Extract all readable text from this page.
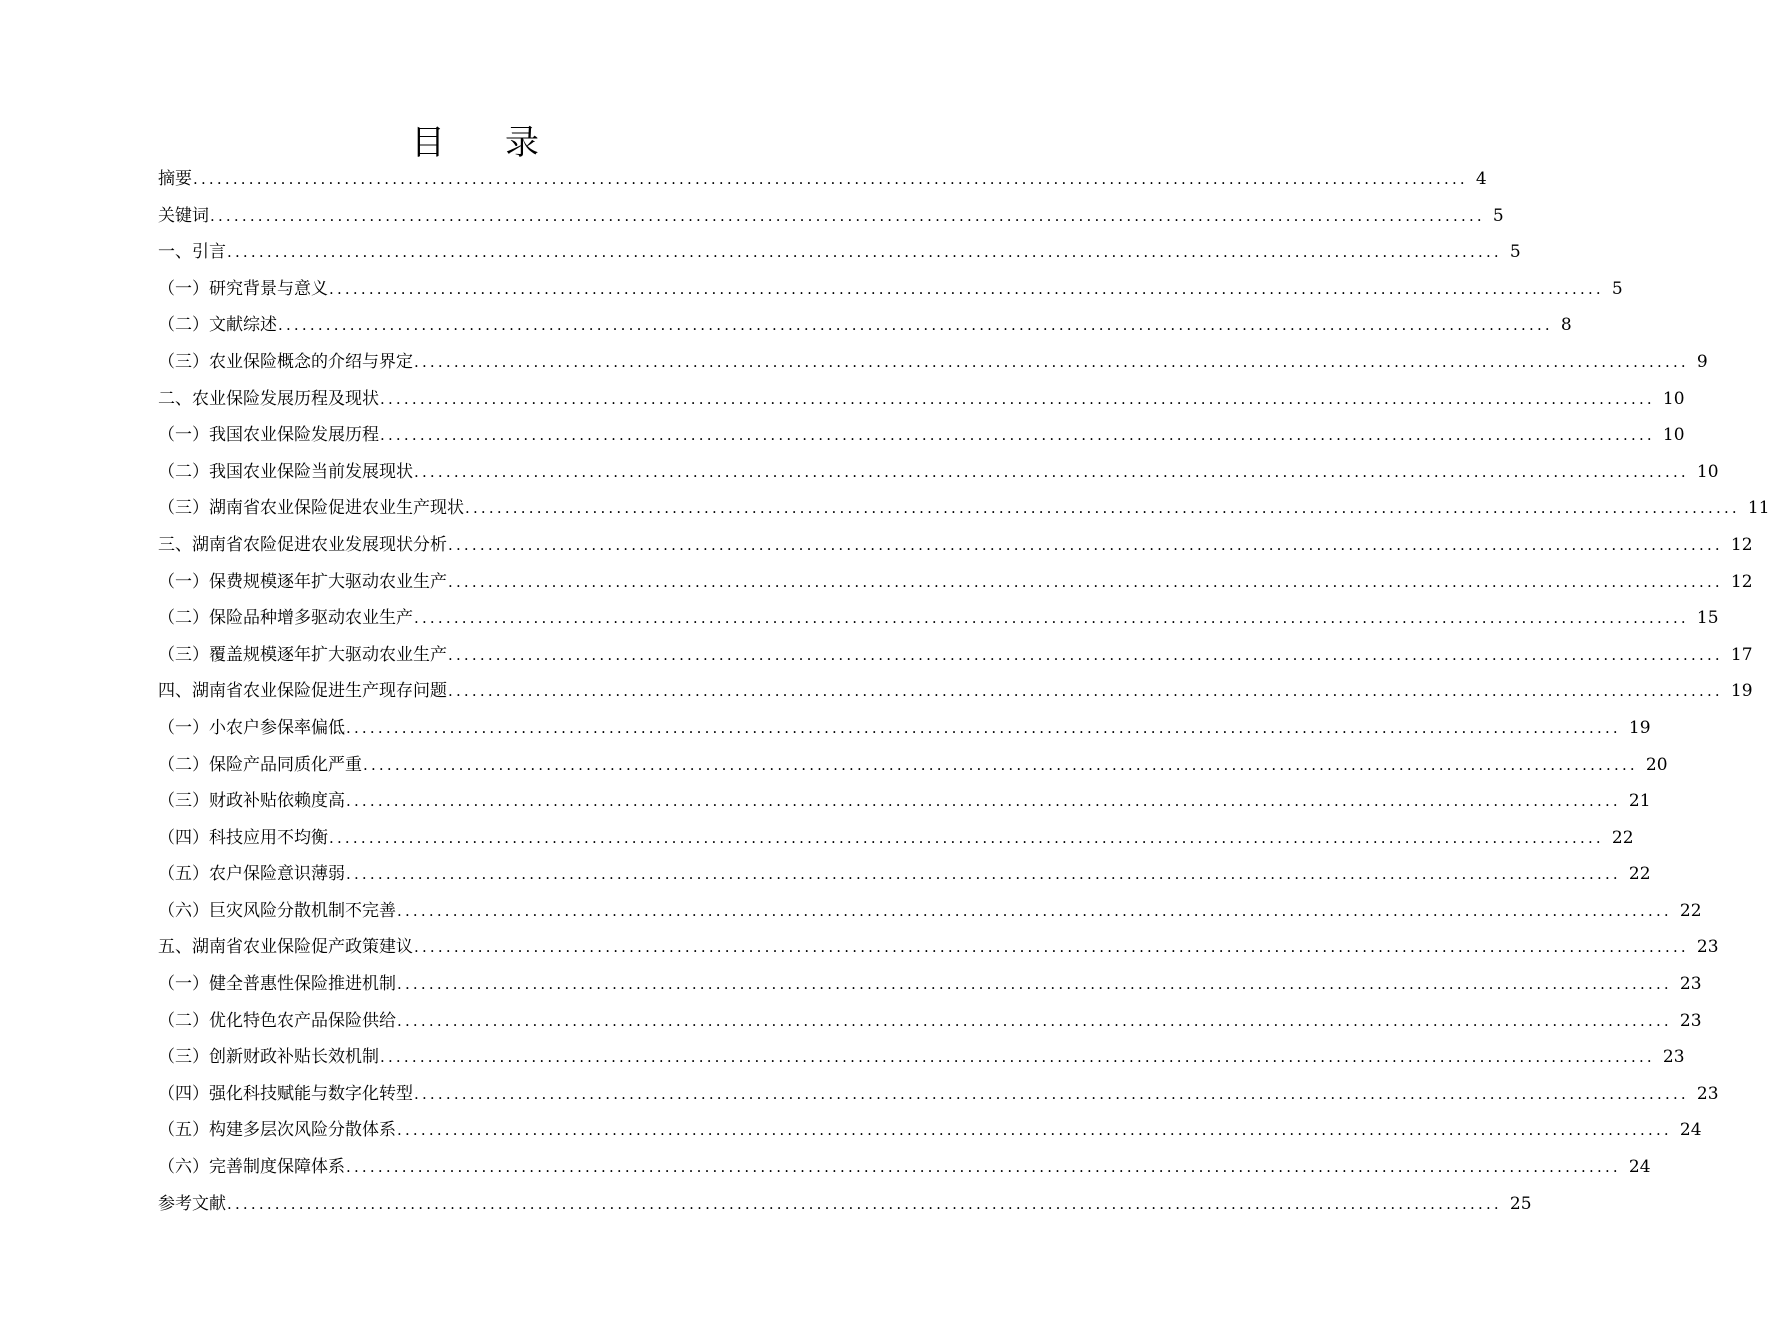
目录
摘要 ................................................................................................................................................................ 4
关键词 ................................................................................................................................................................ 5
一、引言 ................................................................................................................................................................ 5
（一）研究背景与意义 ................................................................................................................................................................ 5
（二）文献综述 ................................................................................................................................................................ 8
（三）农业保险概念的介绍与界定 ................................................................................................................................................................ 9
二、农业保险发展历程及现状 ................................................................................................................................................................ 10
（一）我国农业保险发展历程 ................................................................................................................................................................ 10
（二）我国农业保险当前发展现状 ................................................................................................................................................................ 10
（三）湖南省农业保险促进农业生产现状 ................................................................................................................................................................ 11
三、湖南省农险促进农业发展现状分析 ................................................................................................................................................................ 12
（一）保费规模逐年扩大驱动农业生产 ................................................................................................................................................................ 12
（二）保险品种增多驱动农业生产 ................................................................................................................................................................ 15
（三）覆盖规模逐年扩大驱动农业生产 ................................................................................................................................................................ 17
四、湖南省农业保险促进生产现存问题 ................................................................................................................................................................ 19
（一）小农户参保率偏低 ................................................................................................................................................................ 19
（二）保险产品同质化严重 ................................................................................................................................................................ 20
（三）财政补贴依赖度高 ................................................................................................................................................................ 21
（四）科技应用不均衡 ................................................................................................................................................................ 22
（五）农户保险意识薄弱 ................................................................................................................................................................ 22
（六）巨灾风险分散机制不完善 ................................................................................................................................................................ 22
五、湖南省农业保险促产政策建议 ................................................................................................................................................................ 23
（一）健全普惠性保险推进机制 ................................................................................................................................................................ 23
（二）优化特色农产品保险供给 ................................................................................................................................................................ 23
（三）创新财政补贴长效机制 ................................................................................................................................................................ 23
（四）强化科技赋能与数字化转型 ................................................................................................................................................................ 23
（五）构建多层次风险分散体系 ................................................................................................................................................................ 24
（六）完善制度保障体系 ................................................................................................................................................................ 24
参考文献 ................................................................................................................................................................ 25
